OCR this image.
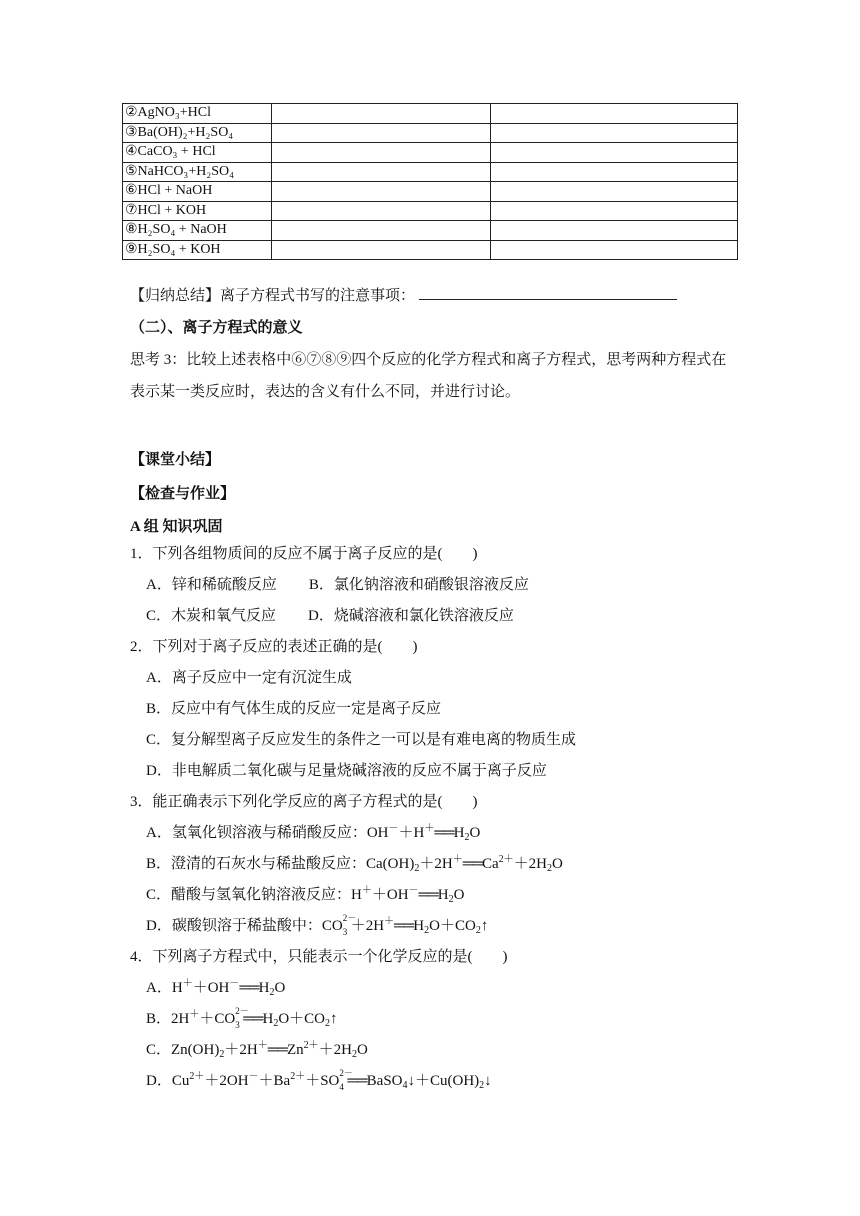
②AgNO₃+HCl		
③Ba(OH)₂+H₂SO₄		
④CaCO₃ + HCl		
⑤NaHCO₃+H₂SO₄		
⑥HCl + NaOH		
⑦HCl + KOH		
⑧H₂SO₄ + NaOH		
⑨H₂SO₄ + KOH		
【归纳总结】离子方程式书写的注意事项：
（二）、离子方程式的意义
思考 3：比较上述表格中⑥⑦⑧⑨四个反应的化学方程式和离子方程式，思考两种方程式在
表示某一类反应时，表达的含义有什么不同，并进行讨论。
【课堂小结】
【检查与作业】
A 组 知识巩固
1．下列各组物质间的反应不属于离子反应的是(　　)
A．锌和稀硫酸反应 B．氯化钠溶液和硝酸银溶液反应
C．木炭和氧气反应 D．烧碱溶液和氯化铁溶液反应
2．下列对于离子反应的表述正确的是(　　)
A．离子反应中一定有沉淀生成
B．反应中有气体生成的反应一定是离子反应
C．复分解型离子反应发生的条件之一可以是有难电离的物质生成
D．非电解质二氧化碳与足量烧碱溶液的反应不属于离子反应
3．能正确表示下列化学反应的离子方程式的是(　　)
A．氢氧化钡溶液与稀硝酸反应：$OH^-+H^+══H_2O$
B．澄清的石灰水与稀盐酸反应：$Ca(OH)_2+2H^+══Ca^{2+}+2H_2O$
C．醋酸与氢氧化钠溶液反应：$H^++OH^-══H_2O$
D．碳酸钡溶于稀盐酸中：CO 2－
$3 +2H^+══H_2O+CO_2↑$
4．下列离子方程式中，只能表示一个化学反应的是(　　)
A．$H^++OH^-══H_2O$
B．2H＋＋CO 2－
3 $══H_2O+CO_2↑$
C．$Zn(OH)_2+2H^+══Zn^{2+}+2H_2O$
D．$Cu^{2+}+2OH^-+Ba^{2+}+SO$ 2－
4 $══BaSO_4↓+Cu(OH)_2↓$
